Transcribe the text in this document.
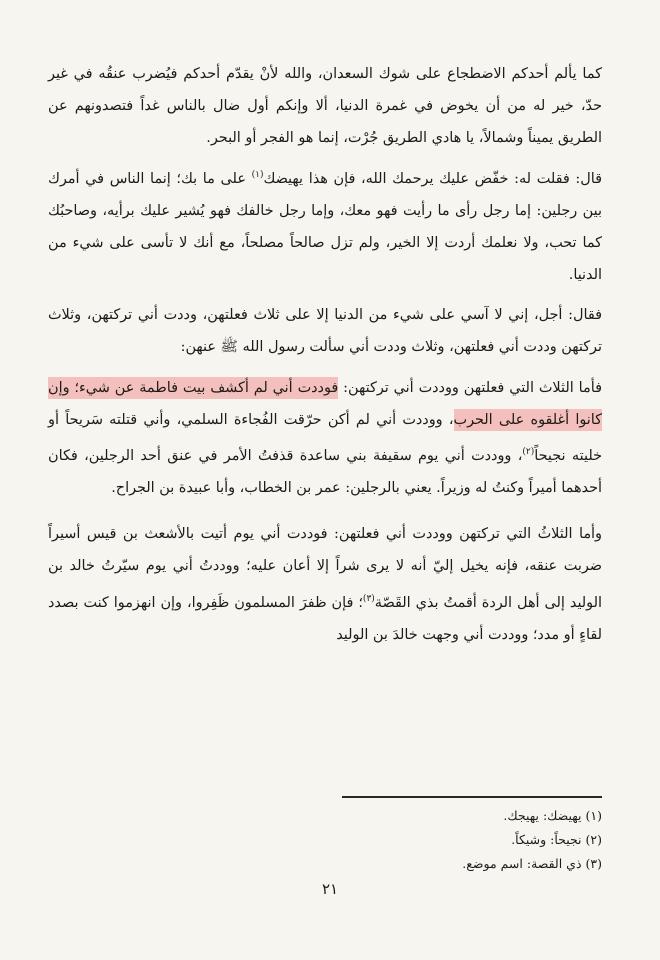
كما يألم أحدكم الاضطجاع على شوك السعدان، والله لأنْ يقدّم أحدكم فيُضرب عنقُه في غير حدّ، خير له من أن يخوض في غمرة الدنيا، ألا وإنكم أول ضال بالناس غداً فتصدونهم عن الطريق يميناً وشمالاً، يا هادي الطريق جُرْت، إنما هو الفجر أو البحر.

قال: فقلت له: خفّض عليك يرحمك الله، فإن هذا يهيضك$^{(١)}$ على ما بك؛ إنما الناس في أمرك بين رجلين: إما رجل رأى ما رأيت فهو معك، وإما رجل خالفك فهو يُشير عليك برأيه، وصاحبُك كما تحب، ولا نعلمك أردت إلا الخير، ولم تزل صالحاً مصلحاً، مع أنك لا تأسى على شيء من الدنيا.

فقال: أجل، إني لا آسي على شيء من الدنيا إلا على ثلاث فعلتهن، وددت أني تركتهن، وثلاث تركتهن وددت أني فعلتهن، وثلاث وددت أني سألت رسول الله ﷺ عنهن:

فأما الثلاث التي فعلتهن ووددت أني تركتهن: فوددت أني لم أكشف بيت فاطمة عن شيء؛ وإن كانوا أغلقوه على الحرب، ووددت أني لم أكن حرّقت الفُجاءة السلمي، وأني قتلته سَريحاً أو خليته نجيحاً$^{(٢)}$، ووددت أني يوم سقيفة بني ساعدة قذفتُ الأمر في عنق أحد الرجلين، فكان أحدهما أميراً وكنتُ له وزيراً. يعني بالرجلين: عمر بن الخطاب، وأبا عبيدة بن الجراح.

وأما الثلاثُ التي تركتهن ووددت أني فعلتهن: فوددت أني يوم أتيت بالأشعث بن قيس أسيراً ضربت عنقه، فإنه يخيل إليّ أنه لا يرى شراً إلا أعان عليه؛ ووددتُ أني يوم سيّرتُ خالد بن الوليد إلى أهل الردة أقمتُ بذي القَصّة$^{(٣)}$؛ فإن ظفرَ المسلمون ظَفِروا، وإن انهزموا كنت بصدد لقاءٍ أو مدد؛ ووددت أني وجهت خالدَ بن الوليد

(١) يهيضك: يهيجك.

(٢) نجيحاً: وشيكاً.

(٣) ذي القصة: اسم موضع.

٢١
